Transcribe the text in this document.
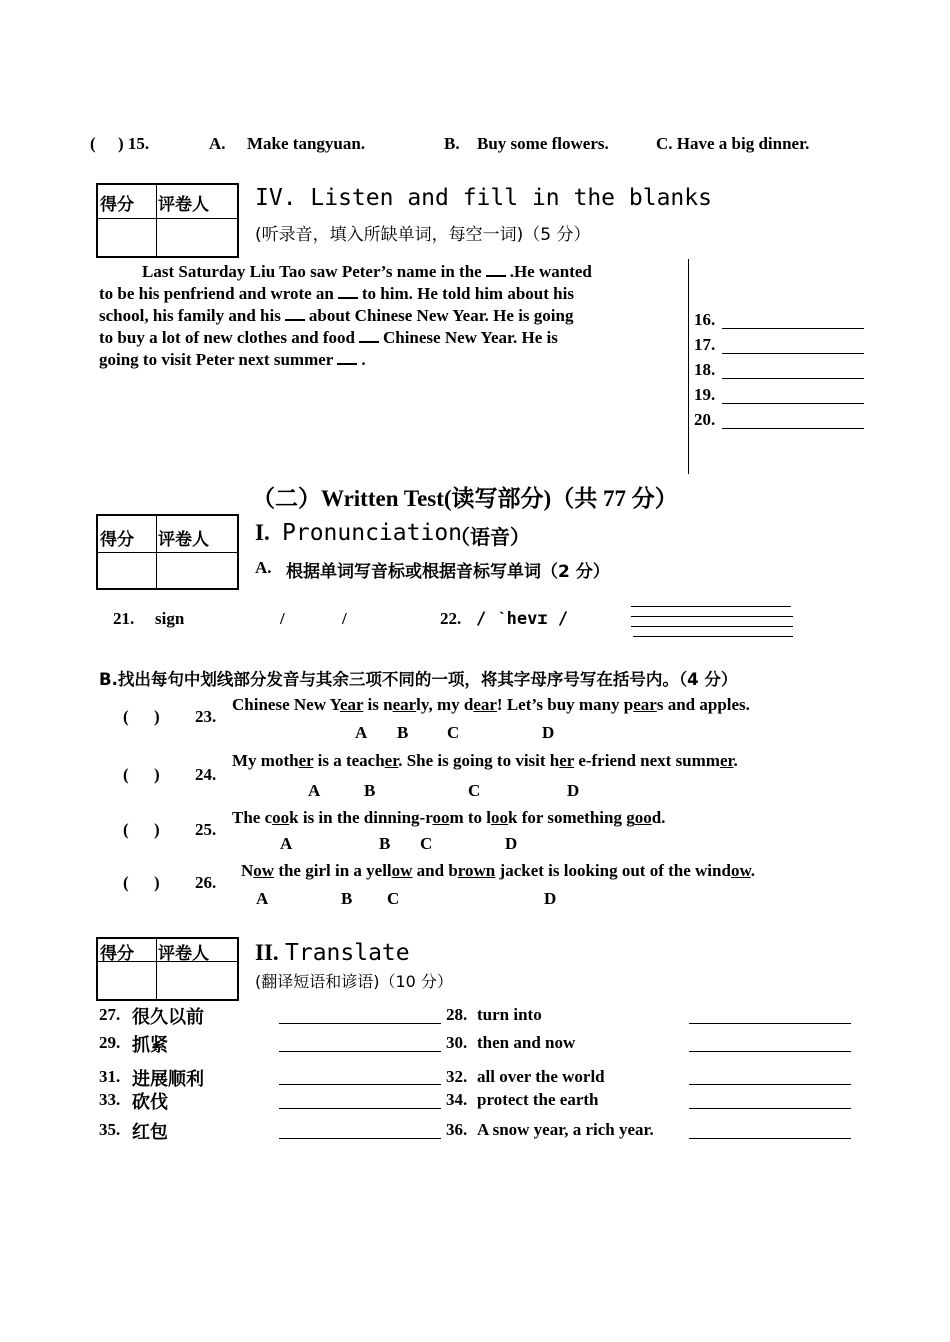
( ) 15.	A. Make tangyuan.	B. Buy some flowers.	C. Have a big dinner.
得分 评卷人 IV. Listen and fill in the blanks
(听录音，填入所缺单词，每空一词)（5 分）
Last Saturday Liu Tao saw Peter’s name in the .He wanted
to be his penfriend and wrote an to him. He told him about his
school, his family and his about Chinese New Year. He is going
to buy a lot of new clothes and food Chinese New Year. He is
going to visit Peter next summer .
16.
17.
18.
19.
20.
（二）Written Test(读写部分)（共 77 分）
得分 评卷人 I. Pronunciation
（语音）
A. 根据单词写音标或根据音标写单词（2 分）
21. sign	/	/	22. / ˋhevɪ /
B.找出每句中划线部分发音与其余三项不同的一项，将其字母序号写在括号内。（4 分）
( ) 23.
Chinese New Year is nearly, my dear! Let’s buy many pears and apples.
A B C	D
( ) 24.
My mother is a teacher. She is going to visit her e-friend next summer.
A	B	C	D
( ) 25.
The cook is in the dinning-room to look for something good.
A	B C	D
( ) 26.
Now the girl in a yellow and brown jacket is looking out of the window.
A	B C	D
得分 评卷人 II. Translate
(翻译短语和谚语)（10 分）
27. 很久以前	28. turn into
29. 抓紧	30. then and now
31. 进展顺利	32. all over the world
33. 砍伐	34. protect the earth
35. 红包	36. A snow year, a rich year.
